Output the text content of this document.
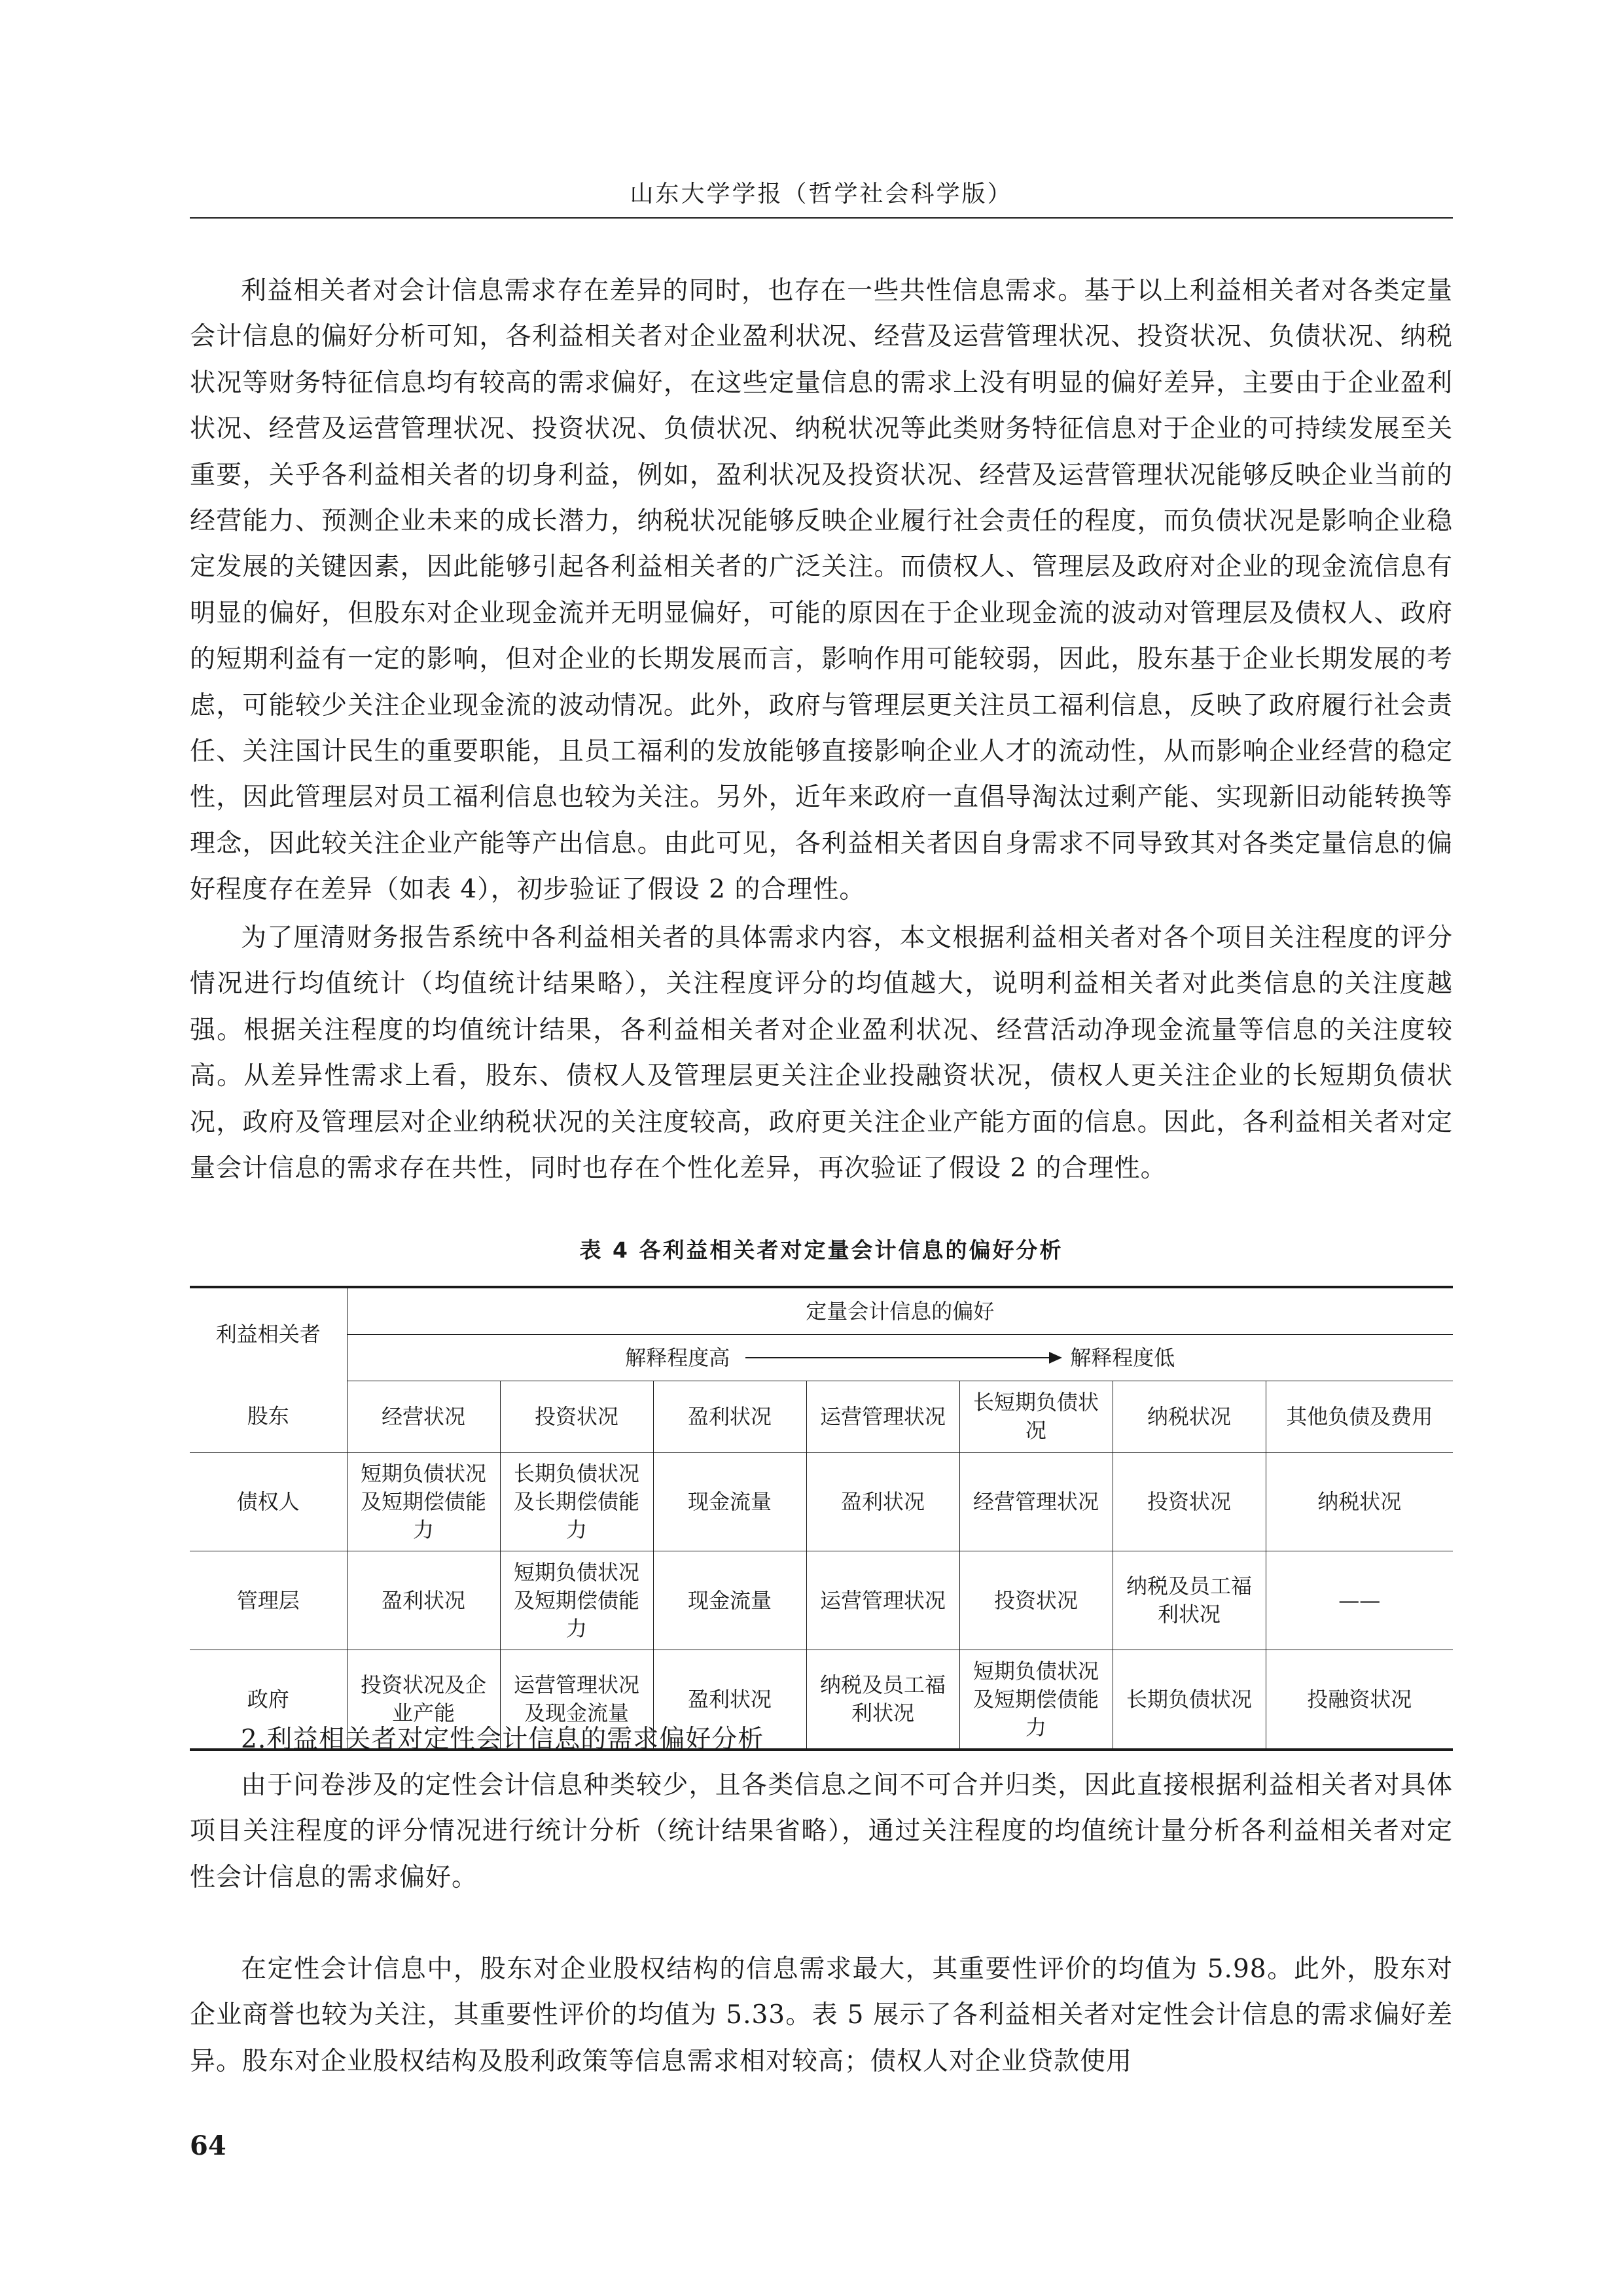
山东大学学报（哲学社会科学版）

利益相关者对会计信息需求存在差异的同时，也存在一些共性信息需求。基于以上利益相关者对各类定量会计信息的偏好分析可知，各利益相关者对企业盈利状况、经营及运营管理状况、投资状况、负债状况、纳税状况等财务特征信息均有较高的需求偏好，在这些定量信息的需求上没有明显的偏好差异，主要由于企业盈利状况、经营及运营管理状况、投资状况、负债状况、纳税状况等此类财务特征信息对于企业的可持续发展至关重要，关乎各利益相关者的切身利益，例如，盈利状况及投资状况、经营及运营管理状况能够反映企业当前的经营能力、预测企业未来的成长潜力，纳税状况能够反映企业履行社会责任的程度，而负债状况是影响企业稳定发展的关键因素，因此能够引起各利益相关者的广泛关注。而债权人、管理层及政府对企业的现金流信息有明显的偏好，但股东对企业现金流并无明显偏好，可能的原因在于企业现金流的波动对管理层及债权人、政府的短期利益有一定的影响，但对企业的长期发展而言，影响作用可能较弱，因此，股东基于企业长期发展的考虑，可能较少关注企业现金流的波动情况。此外，政府与管理层更关注员工福利信息，反映了政府履行社会责任、关注国计民生的重要职能，且员工福利的发放能够直接影响企业人才的流动性，从而影响企业经营的稳定性，因此管理层对员工福利信息也较为关注。另外，近年来政府一直倡导淘汰过剩产能、实现新旧动能转换等理念，因此较关注企业产能等产出信息。由此可见，各利益相关者因自身需求不同导致其对各类定量信息的偏好程度存在差异（如表 4），初步验证了假设 2 的合理性。

为了厘清财务报告系统中各利益相关者的具体需求内容，本文根据利益相关者对各个项目关注程度的评分情况进行均值统计（均值统计结果略），关注程度评分的均值越大，说明利益相关者对此类信息的关注度越强。根据关注程度的均值统计结果，各利益相关者对企业盈利状况、经营活动净现金流量等信息的关注度较高。从差异性需求上看，股东、债权人及管理层更关注企业投融资状况，债权人更关注企业的长短期负债状况，政府及管理层对企业纳税状况的关注度较高，政府更关注企业产能方面的信息。因此，各利益相关者对定量会计信息的需求存在共性，同时也存在个性化差异，再次验证了假设 2 的合理性。

表 4 各利益相关者对定量会计信息的偏好分析

利益相关者	定量会计信息的偏好						

	解释程度高 解释程度低						

股东	经营状况	投资状况	盈利状况	运营管理状况	长短期负债状况	纳税状况	其他负债及费用
债权人	短期负债状况及短期偿债能力	长期负债状况及长期偿债能力	现金流量	盈利状况	经营管理状况	投资状况	纳税状况
管理层	盈利状况	短期负债状况及短期偿债能力	现金流量	运营管理状况	投资状况	纳税及员工福利状况	——
政府	投资状况及企业产能	运营管理状况及现金流量	盈利状况	纳税及员工福利状况	短期负债状况及短期偿债能力	长期负债状况	投融资状况

2.利益相关者对定性会计信息的需求偏好分析

由于问卷涉及的定性会计信息种类较少，且各类信息之间不可合并归类，因此直接根据利益相关者对具体项目关注程度的评分情况进行统计分析（统计结果省略），通过关注程度的均值统计量分析各利益相关者对定性会计信息的需求偏好。

在定性会计信息中，股东对企业股权结构的信息需求最大，其重要性评价的均值为 5.98。此外，股东对企业商誉也较为关注，其重要性评价的均值为 5.33。表 5 展示了各利益相关者对定性会计信息的需求偏好差异。股东对企业股权结构及股利政策等信息需求相对较高；债权人对企业贷款使用

64
